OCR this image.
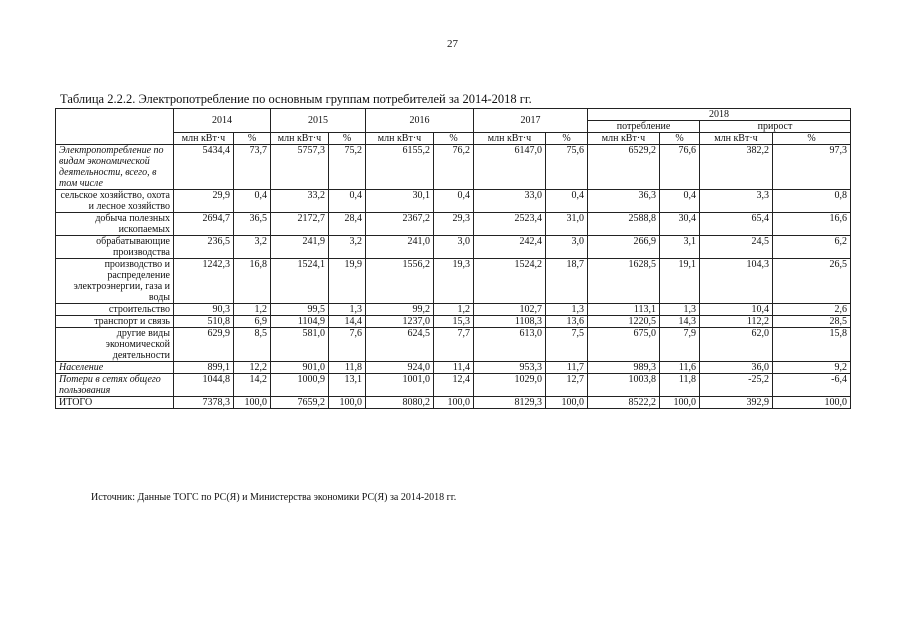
27
Таблица 2.2.2. Электропотребление по основным группам потребителей за 2014-2018 гг.
	2014		2015		2016		2017		2018			
									потребление		прирост	
	млн кВт·ч	%	млн кВт·ч	%	млн кВт·ч	%	млн кВт·ч	%	млн кВт·ч	%	млн кВт·ч	%
Электропотребление по видам экономической деятельности, всего, в том числе	5434,4	73,7	5757,3	75,2	6155,2	76,2	6147,0	75,6	6529,2	76,6	382,2	97,3
сельское хозяйство, охота и лесное хозяйство	29,9	0,4	33,2	0,4	30,1	0,4	33,0	0,4	36,3	0,4	3,3	0,8
добыча полезных ископаемых	2694,7	36,5	2172,7	28,4	2367,2	29,3	2523,4	31,0	2588,8	30,4	65,4	16,6
обрабатывающие производства	236,5	3,2	241,9	3,2	241,0	3,0	242,4	3,0	266,9	3,1	24,5	6,2
производство и распределение электроэнергии, газа и воды	1242,3	16,8	1524,1	19,9	1556,2	19,3	1524,2	18,7	1628,5	19,1	104,3	26,5
строительство	90,3	1,2	99,5	1,3	99,2	1,2	102,7	1,3	113,1	1,3	10,4	2,6
транспорт и связь	510,8	6,9	1104,9	14,4	1237,0	15,3	1108,3	13,6	1220,5	14,3	112,2	28,5
другие виды экономической деятельности	629,9	8,5	581,0	7,6	624,5	7,7	613,0	7,5	675,0	7,9	62,0	15,8
Население	899,1	12,2	901,0	11,8	924,0	11,4	953,3	11,7	989,3	11,6	36,0	9,2
Потери в сетях общего пользования	1044,8	14,2	1000,9	13,1	1001,0	12,4	1029,0	12,7	1003,8	11,8	-25,2	-6,4
ИТОГО	7378,3	100,0	7659,2	100,0	8080,2	100,0	8129,3	100,0	8522,2	100,0	392,9	100,0
Источник: Данные ТОГС по РС(Я) и Министерства экономики РС(Я) за 2014-2018 гг.
